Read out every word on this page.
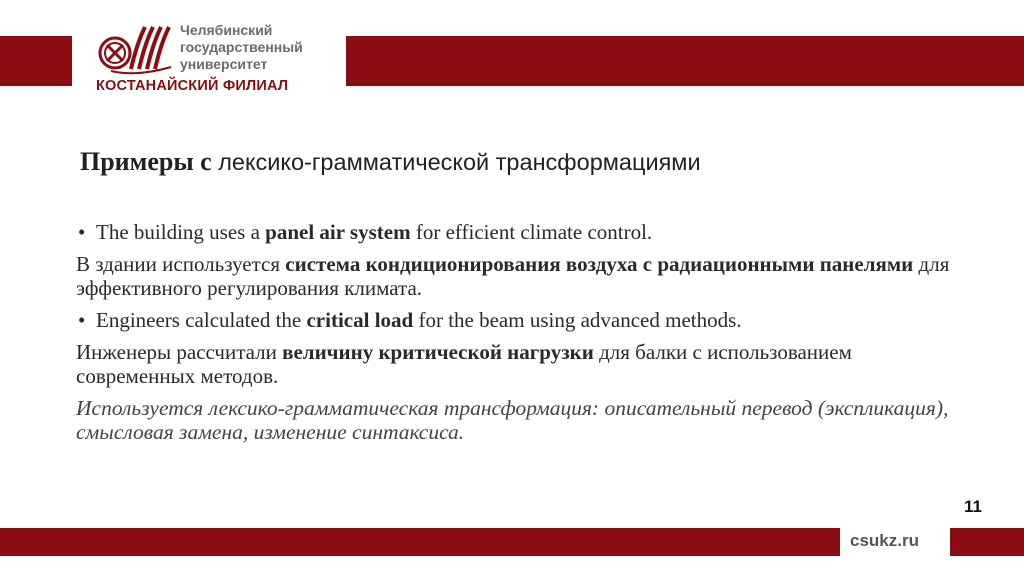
Челябинский
государственный
университет
КОСТАНАЙСКИЙ ФИЛИАЛ
Примеры с лексико-грамматической трансформациями

• The building uses a panel air system for efficient climate control.

В здании используется система кондиционирования воздуха с радиационными панелями для эффективного регулирования климата.

• Engineers calculated the critical load for the beam using advanced methods.

Инженеры рассчитали величину критической нагрузки для балки с использованием современных методов.

Используется лексико-грамматическая трансформация: описательный перевод (экспликация), смысловая замена, изменение синтаксиса.

11
csukz.ru
